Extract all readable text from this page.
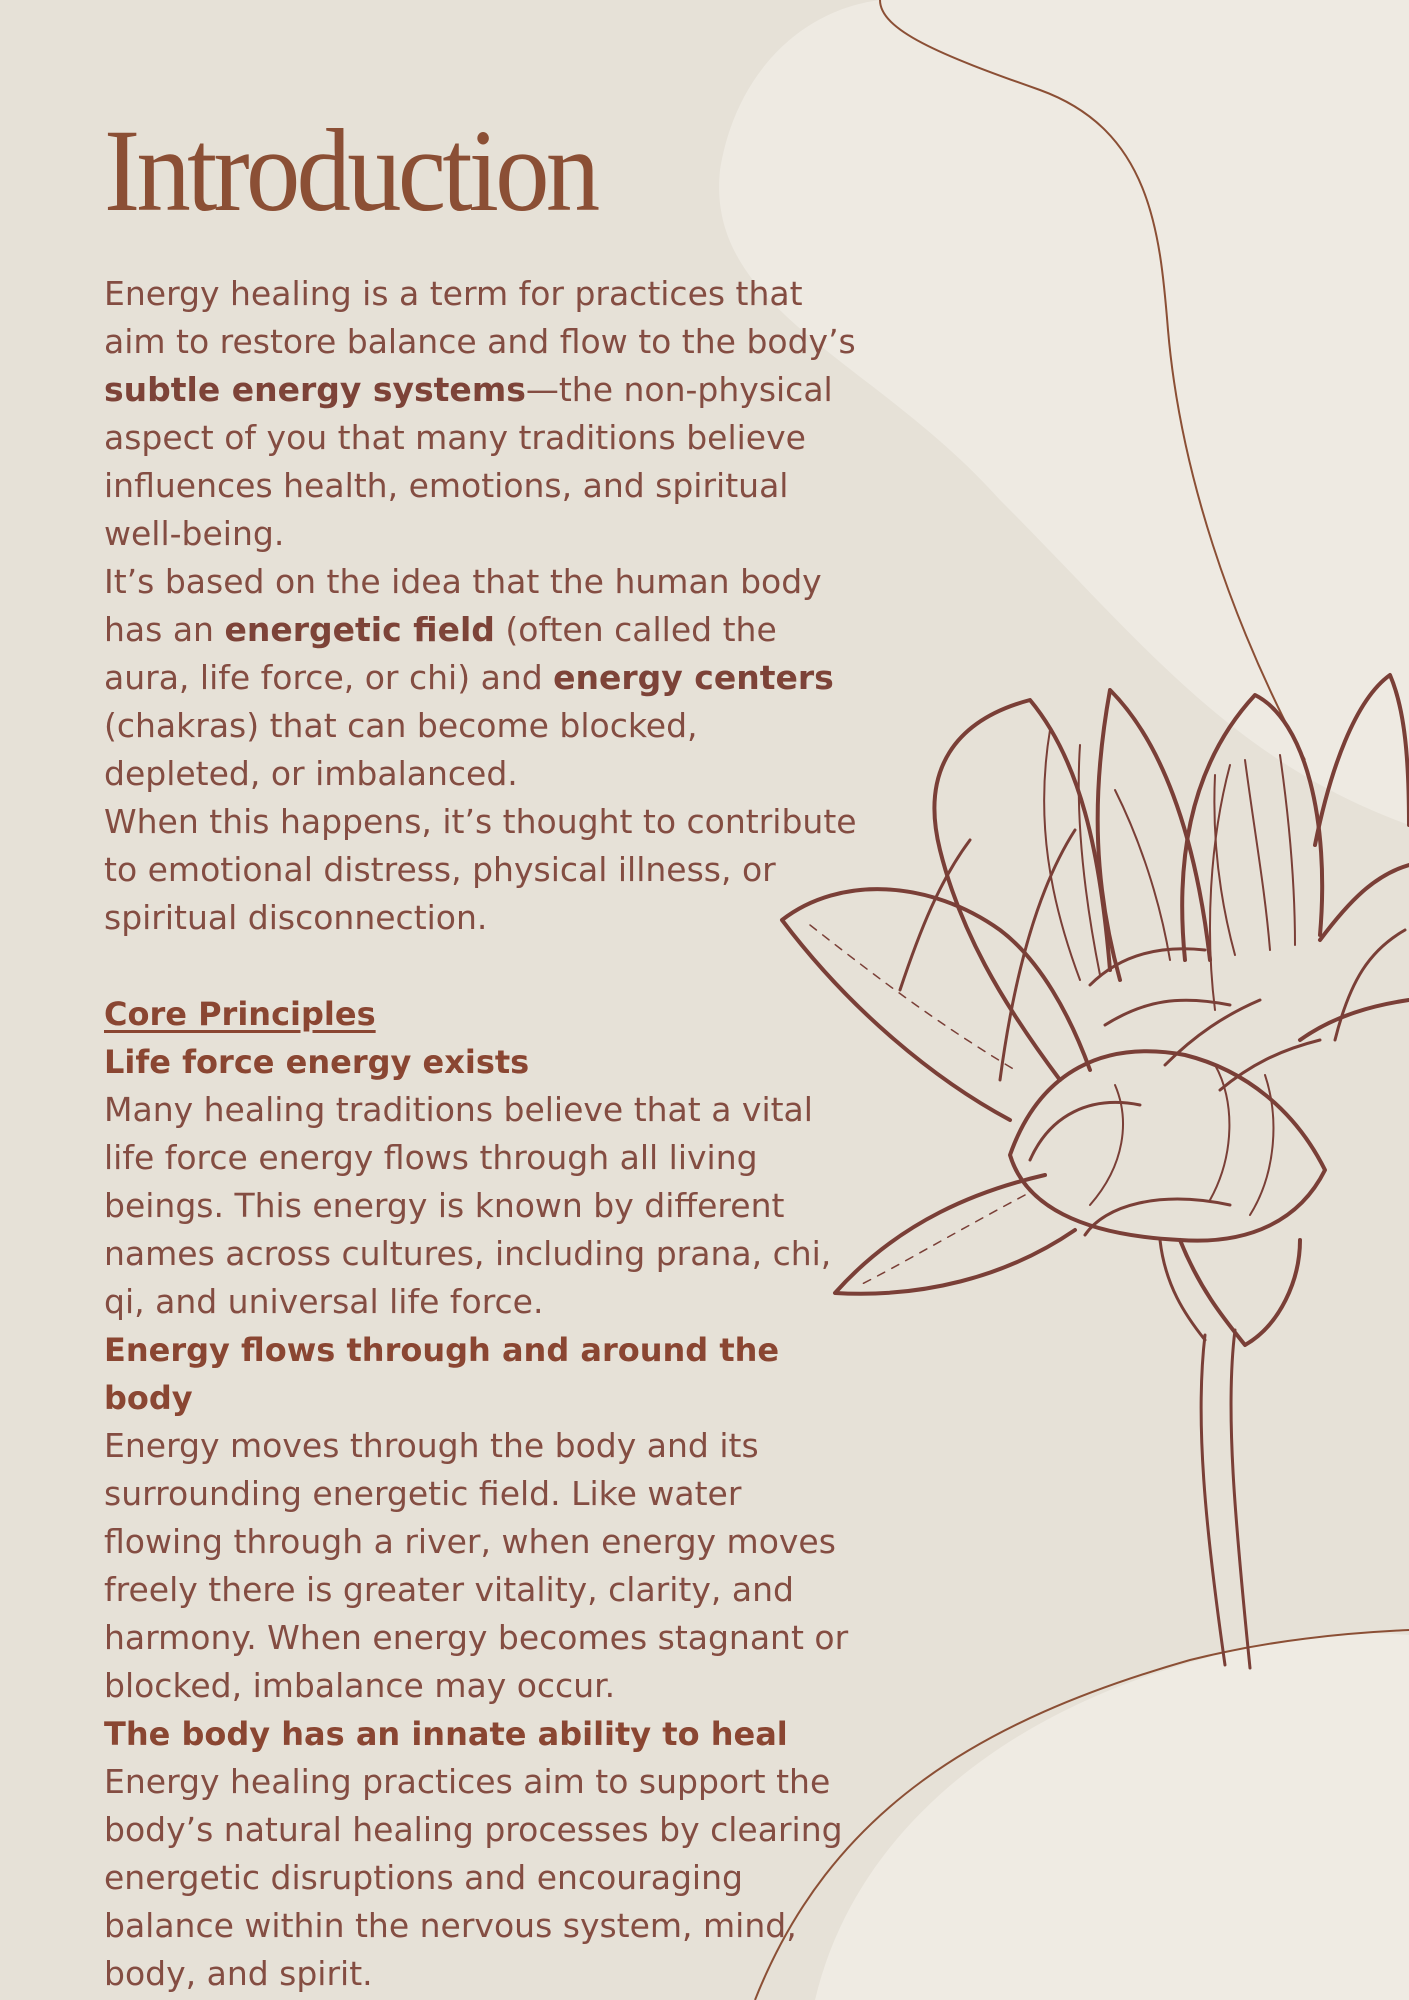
Introduction

Energy healing is a term for practices that aim to restore balance and flow to the body’s subtle energy systems—the non-physical aspect of you that many traditions believe influences health, emotions, and spiritual well-being.

It’s based on the idea that the human body has an energetic field (often called the aura, life force, or chi) and energy centers (chakras) that can become blocked, depleted, or imbalanced.

When this happens, it’s thought to contribute to emotional distress, physical illness, or spiritual disconnection.

Core Principles
Life force energy exists

Many healing traditions believe that a vital life force energy flows through all living beings. This energy is known by different names across cultures, including prana, chi, qi, and universal life force.

Energy flows through and around the body

Energy moves through the body and its surrounding energetic field. Like water flowing through a river, when energy moves freely there is greater vitality, clarity, and harmony. When energy becomes stagnant or blocked, imbalance may occur.

The body has an innate ability to heal

Energy healing practices aim to support the body’s natural healing processes by clearing energetic disruptions and encouraging balance within the nervous system, mind, body, and spirit.
